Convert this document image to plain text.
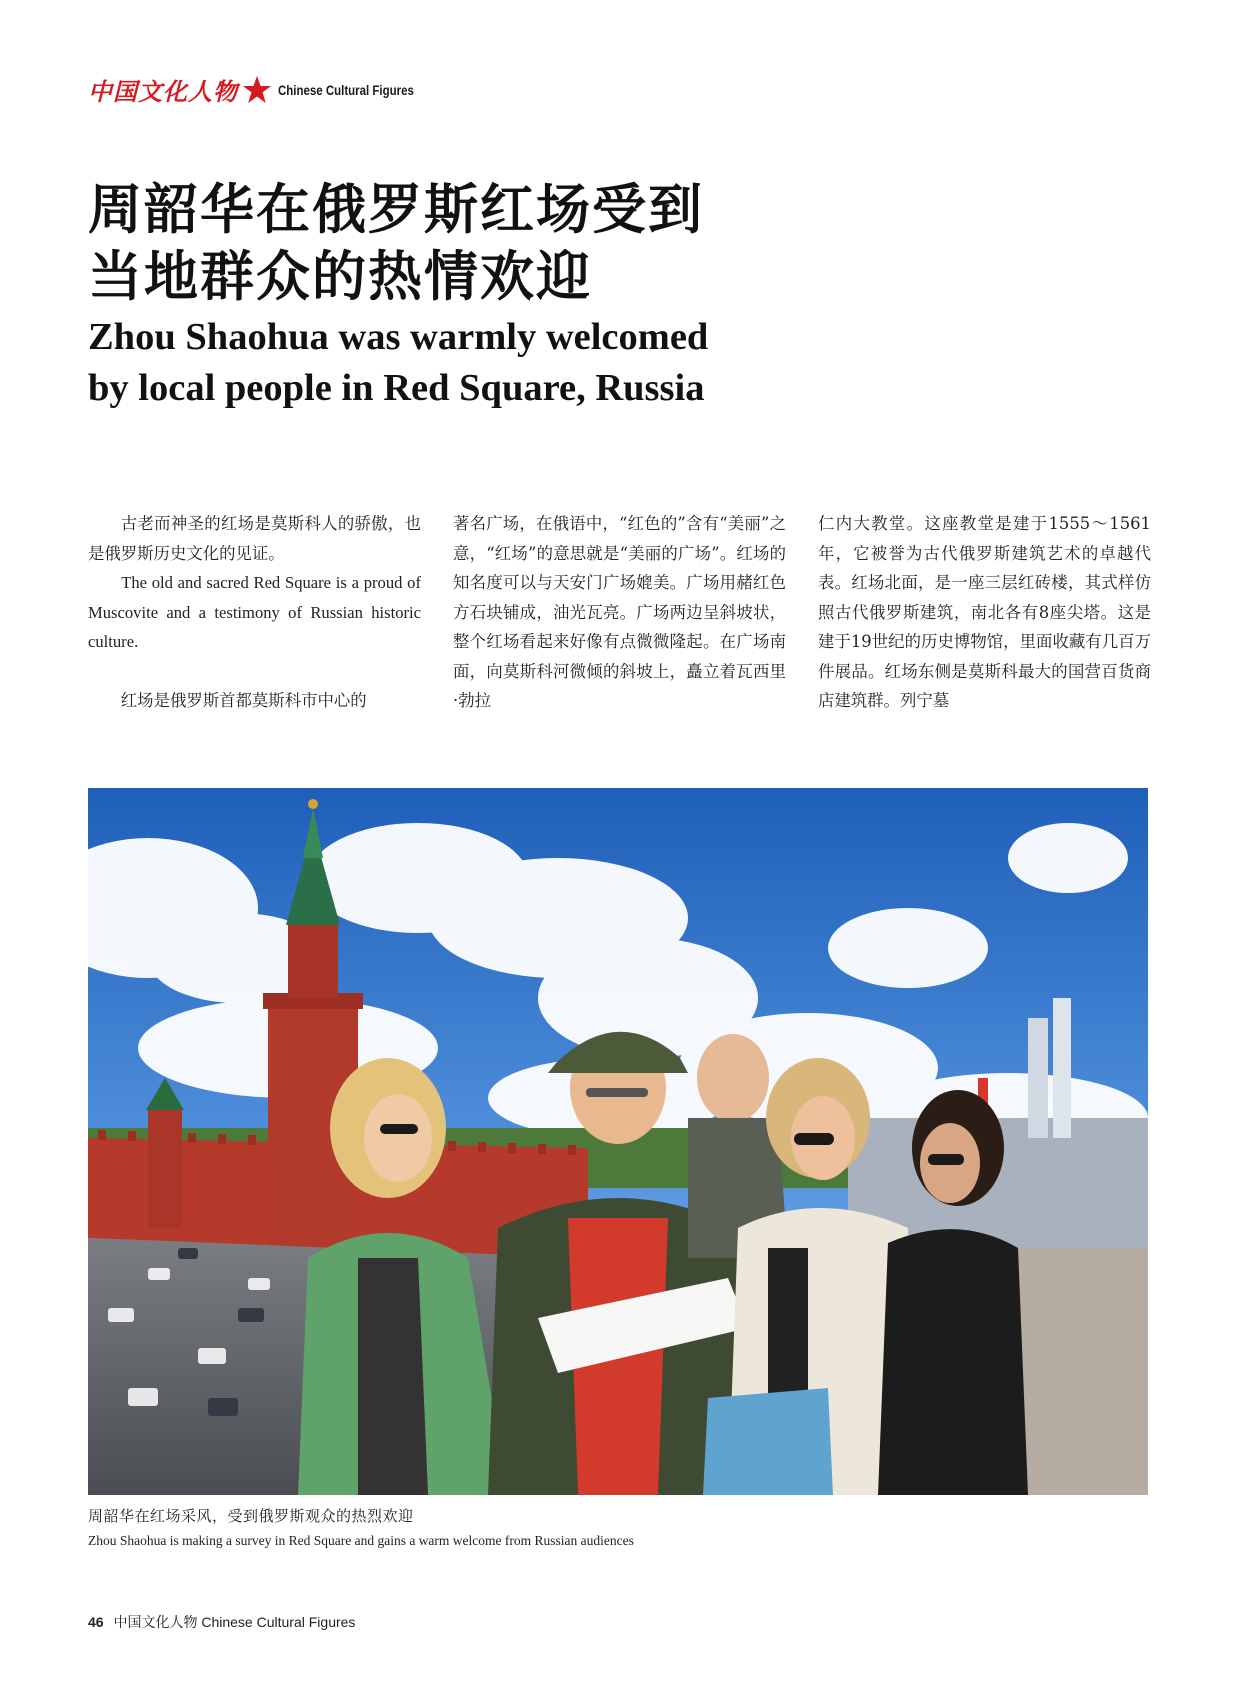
中国文化人物	Chinese Cultural Figures
周韶华在俄罗斯红场受到
当地群众的热情欢迎
Zhou Shaohua was warmly welcomed
by local people in Red Square, Russia

古老而神圣的红场是莫斯科人的骄傲，也是俄罗斯历史文化的见证。

The old and sacred Red Square is a proud of Muscovite and a testimony of Russian historic culture.

红场是俄罗斯首都莫斯科市中心的

著名广场，在俄语中，“红色的”含有“美丽”之意，“红场”的意思就是“美丽的广场”。红场的知名度可以与天安门广场媲美。广场用赭红色方石块铺成，油光瓦亮。广场两边呈斜坡状，整个红场看起来好像有点微微隆起。在广场南面，向莫斯科河微倾的斜坡上，矗立着瓦西里·勃拉

仁内大教堂。这座教堂是建于1555～1561年，它被誉为古代俄罗斯建筑艺术的卓越代表。红场北面，是一座三层红砖楼，其式样仿照古代俄罗斯建筑，南北各有8座尖塔。这是建于19世纪的历史博物馆，里面收藏有几百万件展品。红场东侧是莫斯科最大的国营百货商店建筑群。列宁墓

周韶华在红场采风，受到俄罗斯观众的热烈欢迎
Zhou Shaohua is making a survey in Red Square and gains a warm welcome from Russian audiences
46 中国文化人物 Chinese Cultural Figures
